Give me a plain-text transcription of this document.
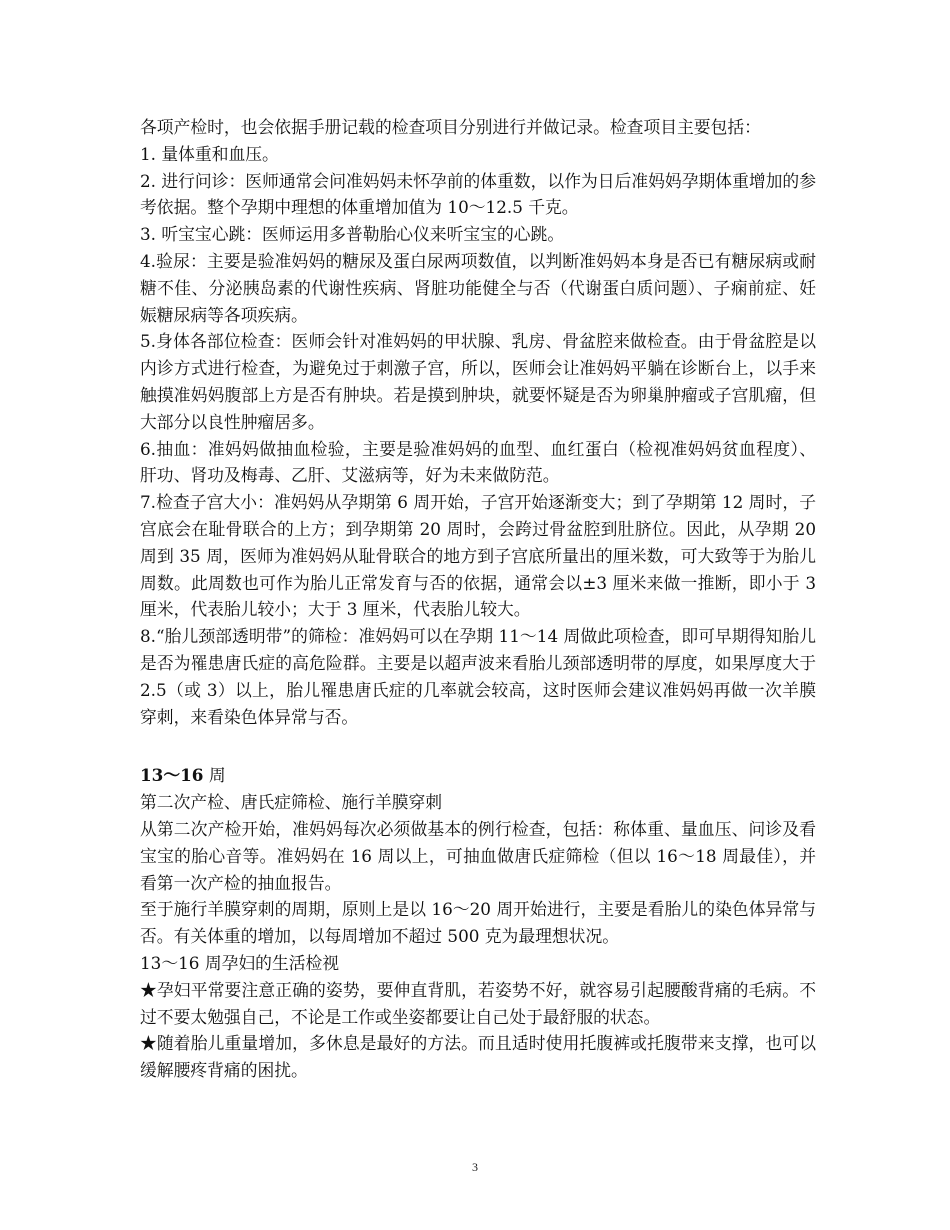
各项产检时，也会依据手册记载的检查项目分别进行并做记录。检查项目主要包括：

1. 量体重和血压。

2. 进行问诊：医师通常会问准妈妈未怀孕前的体重数，以作为日后准妈妈孕期体重增加的参考依据。整个孕期中理想的体重增加值为 10～12.5 千克。

3. 听宝宝心跳：医师运用多普勒胎心仪来听宝宝的心跳。

4.验尿：主要是验准妈妈的糖尿及蛋白尿两项数值，以判断准妈妈本身是否已有糖尿病或耐糖不佳、分泌胰岛素的代谢性疾病、肾脏功能健全与否（代谢蛋白质问题）、子痫前症、妊娠糖尿病等各项疾病。

5.身体各部位检查：医师会针对准妈妈的甲状腺、乳房、骨盆腔来做检查。由于骨盆腔是以内诊方式进行检查，为避免过于刺激子宫，所以，医师会让准妈妈平躺在诊断台上，以手来触摸准妈妈腹部上方是否有肿块。若是摸到肿块，就要怀疑是否为卵巢肿瘤或子宫肌瘤，但大部分以良性肿瘤居多。

6.抽血：准妈妈做抽血检验，主要是验准妈妈的血型、血红蛋白（检视准妈妈贫血程度）、肝功、肾功及梅毒、乙肝、艾滋病等，好为未来做防范。

7.检查子宫大小：准妈妈从孕期第 6 周开始，子宫开始逐渐变大；到了孕期第 12 周时，子宫底会在耻骨联合的上方；到孕期第 20 周时，会跨过骨盆腔到肚脐位。因此，从孕期 20 周到 35 周，医师为准妈妈从耻骨联合的地方到子宫底所量出的厘米数，可大致等于为胎儿周数。此周数也可作为胎儿正常发育与否的依据，通常会以±3 厘米来做一推断，即小于 3 厘米，代表胎儿较小；大于 3 厘米，代表胎儿较大。

8.“胎儿颈部透明带”的筛检：准妈妈可以在孕期 11～14 周做此项检查，即可早期得知胎儿是否为罹患唐氏症的高危险群。主要是以超声波来看胎儿颈部透明带的厚度，如果厚度大于 2.5（或 3）以上，胎儿罹患唐氏症的几率就会较高，这时医师会建议准妈妈再做一次羊膜穿刺，来看染色体异常与否。

13～16 周

第二次产检、唐氏症筛检、施行羊膜穿刺

从第二次产检开始，准妈妈每次必须做基本的例行检查，包括：称体重、量血压、问诊及看宝宝的胎心音等。准妈妈在 16 周以上，可抽血做唐氏症筛检（但以 16～18 周最佳），并看第一次产检的抽血报告。

至于施行羊膜穿刺的周期，原则上是以 16～20 周开始进行，主要是看胎儿的染色体异常与否。有关体重的增加，以每周增加不超过 500 克为最理想状况。

13～16 周孕妇的生活检视

★孕妇平常要注意正确的姿势，要伸直背肌，若姿势不好，就容易引起腰酸背痛的毛病。不过不要太勉强自己，不论是工作或坐姿都要让自己处于最舒服的状态。

★随着胎儿重量增加，多休息是最好的方法。而且适时使用托腹裤或托腹带来支撑，也可以缓解腰疼背痛的困扰。

3
